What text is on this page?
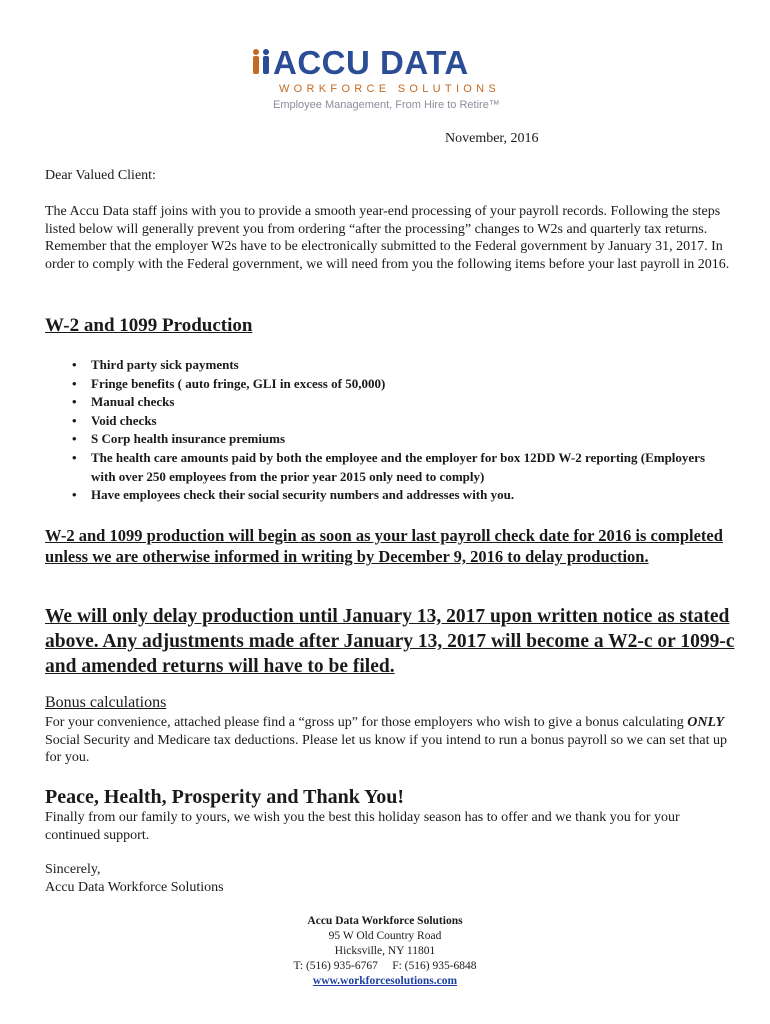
ACCU DATA
WORKFORCE SOLUTIONS
Employee Management, From Hire to Retire™
November, 2016
Dear Valued Client:
The Accu Data staff joins with you to provide a smooth year-end processing of your payroll records. Following the steps listed below will generally prevent you from ordering “after the processing” changes to W2s and quarterly tax returns. Remember that the employer W2s have to be electronically submitted to the Federal government by January 31, 2017. In order to comply with the Federal government, we will need from you the following items before your last payroll in 2016.
W-2 and 1099 Production
• Third party sick payments
• Fringe benefits ( auto fringe, GLI in excess of 50,000)
• Manual checks
• Void checks
• S Corp health insurance premiums
• The health care amounts paid by both the employee and the employer for box 12DD W-2 reporting (Employers with over 250 employees from the prior year 2015 only need to comply)
• Have employees check their social security numbers and addresses with you.
W-2 and 1099 production will begin as soon as your last payroll check date for 2016 is completed unless we are otherwise informed in writing by December 9, 2016 to delay production.
We will only delay production until January 13, 2017 upon written notice as stated above. Any adjustments made after January 13, 2017 will become a W2-c or 1099-c and amended returns will have to be filed.
Bonus calculations
For your convenience, attached please find a “gross up” for those employers who wish to give a bonus calculating ONLY Social Security and Medicare tax deductions. Please let us know if you intend to run a bonus payroll so we can set that up for you.
Peace, Health, Prosperity and Thank You!
Finally from our family to yours, we wish you the best this holiday season has to offer and we thank you for your continued support.
Sincerely,
Accu Data Workforce Solutions
Accu Data Workforce Solutions
95 W Old Country Road
Hicksville, NY 11801
T: (516) 935-6767     F: (516) 935-6848
www.workforcesolutions.com
